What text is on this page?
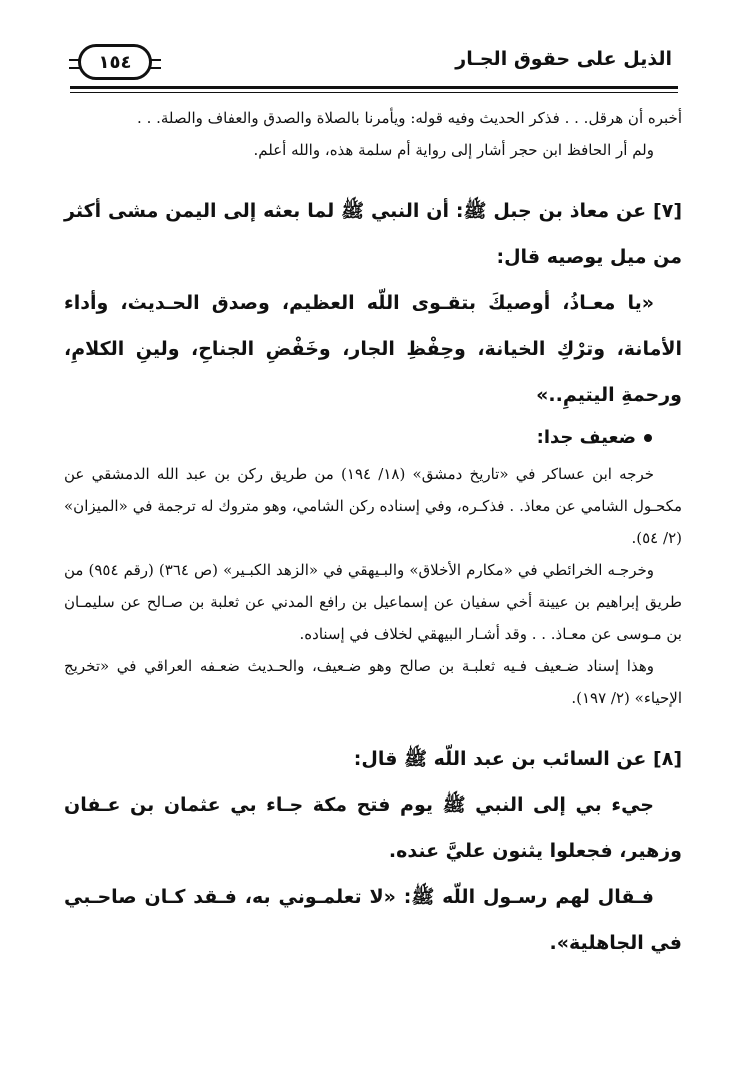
١٥٤	الذيل على حقوق الجـار

أخبره أن هرقل. . . فذكر الحديث وفيه قوله: ويأمرنا بالصلاة والصدق والعفاف والصلة. . .

ولم أر الحافظ ابن حجر أشار إلى رواية أم سلمة هذه، والله أعلم.

[٧] عن معاذ بن جبل ﷺ: أن النبي ﷺ لما بعثه إلى اليمن مشى أكثر من ميل يوصيه قال:

«يا معـاذُ، أوصيكَ بتقـوى اللّه العظيم، وصدق الحـديث، وأداء الأمانة، وترْكِ الخيانة، وحِفْظِ الجار، وخَفْضِ الجناحِ، ولينِ الكلامِ، ورحمةِ اليتيمِ..»

ضعيف جدا:

خرجه ابن عساكر في «تاريخ دمشق» (١٨/ ١٩٤) من طريق ركن بن عبد الله الدمشقي عن مكحـول الشامي عن معاذ. . فذكـره، وفي إسناده ركن الشامي، وهو متروك له ترجمة في «الميزان» (٢/ ٥٤).

وخرجـه الخرائطي في «مكارم الأخلاق» والبـيهقي في «الزهد الكبـير» (ص ٣٦٤) (رقم ٩٥٤) من طريق إبراهيم بن عيينة أخي سفيان عن إسماعيل بن رافع المدني عن ثعلبة بن صـالح عن سليمـان بن مـوسى عن معـاذ. . . وقد أشـار البيهقي لخلاف في إسناده.

وهذا إسناد ضـعيف فـيه ثعلبـة بن صالح وهو ضـعيف، والحـديث ضعـفه العراقي في «تخريج الإحياء» (٢/ ١٩٧).

[٨] عن السائب بن عبد اللّه ﷺ قال:

جيء بي إلى النبي ﷺ يوم فتح مكة جـاء بي عثمان بن عـفان وزهير، فجعلوا يثنون عليَّ عنده.

فـقال لهم رسـول اللّه ﷺ: «لا تعلمـوني به، فـقد كـان صاحـبي في الجاهلية».
